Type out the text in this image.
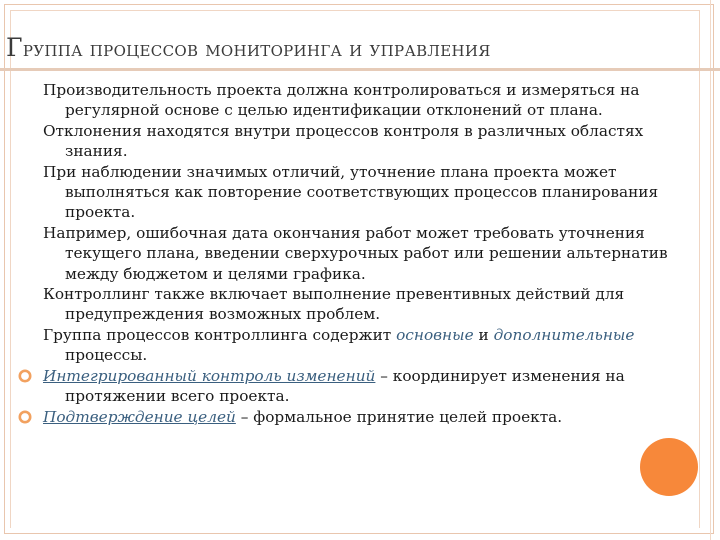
Группа процессов мониторинга и управления

Производительность проекта должна контролироваться и измеряться на регулярной основе с целью идентификации отклонений от плана.

Отклонения находятся внутри процессов контроля в различных областях знания.

При наблюдении значимых отличий, уточнение плана проекта может выполняться как повторение соответствующих процессов планирования проекта.

Например, ошибочная дата окончания работ может требовать уточнения текущего плана, введении сверхурочных работ или решении альтернатив между бюджетом и целями графика.

Контроллинг также включает выполнение превентивных действий для предупреждения возможных проблем.

Группа процессов контроллинга содержит основные и дополнительные процессы.

Интегрированный контроль изменений – координирует изменения на протяжении всего проекта.

Подтверждение целей – формальное принятие целей проекта.
